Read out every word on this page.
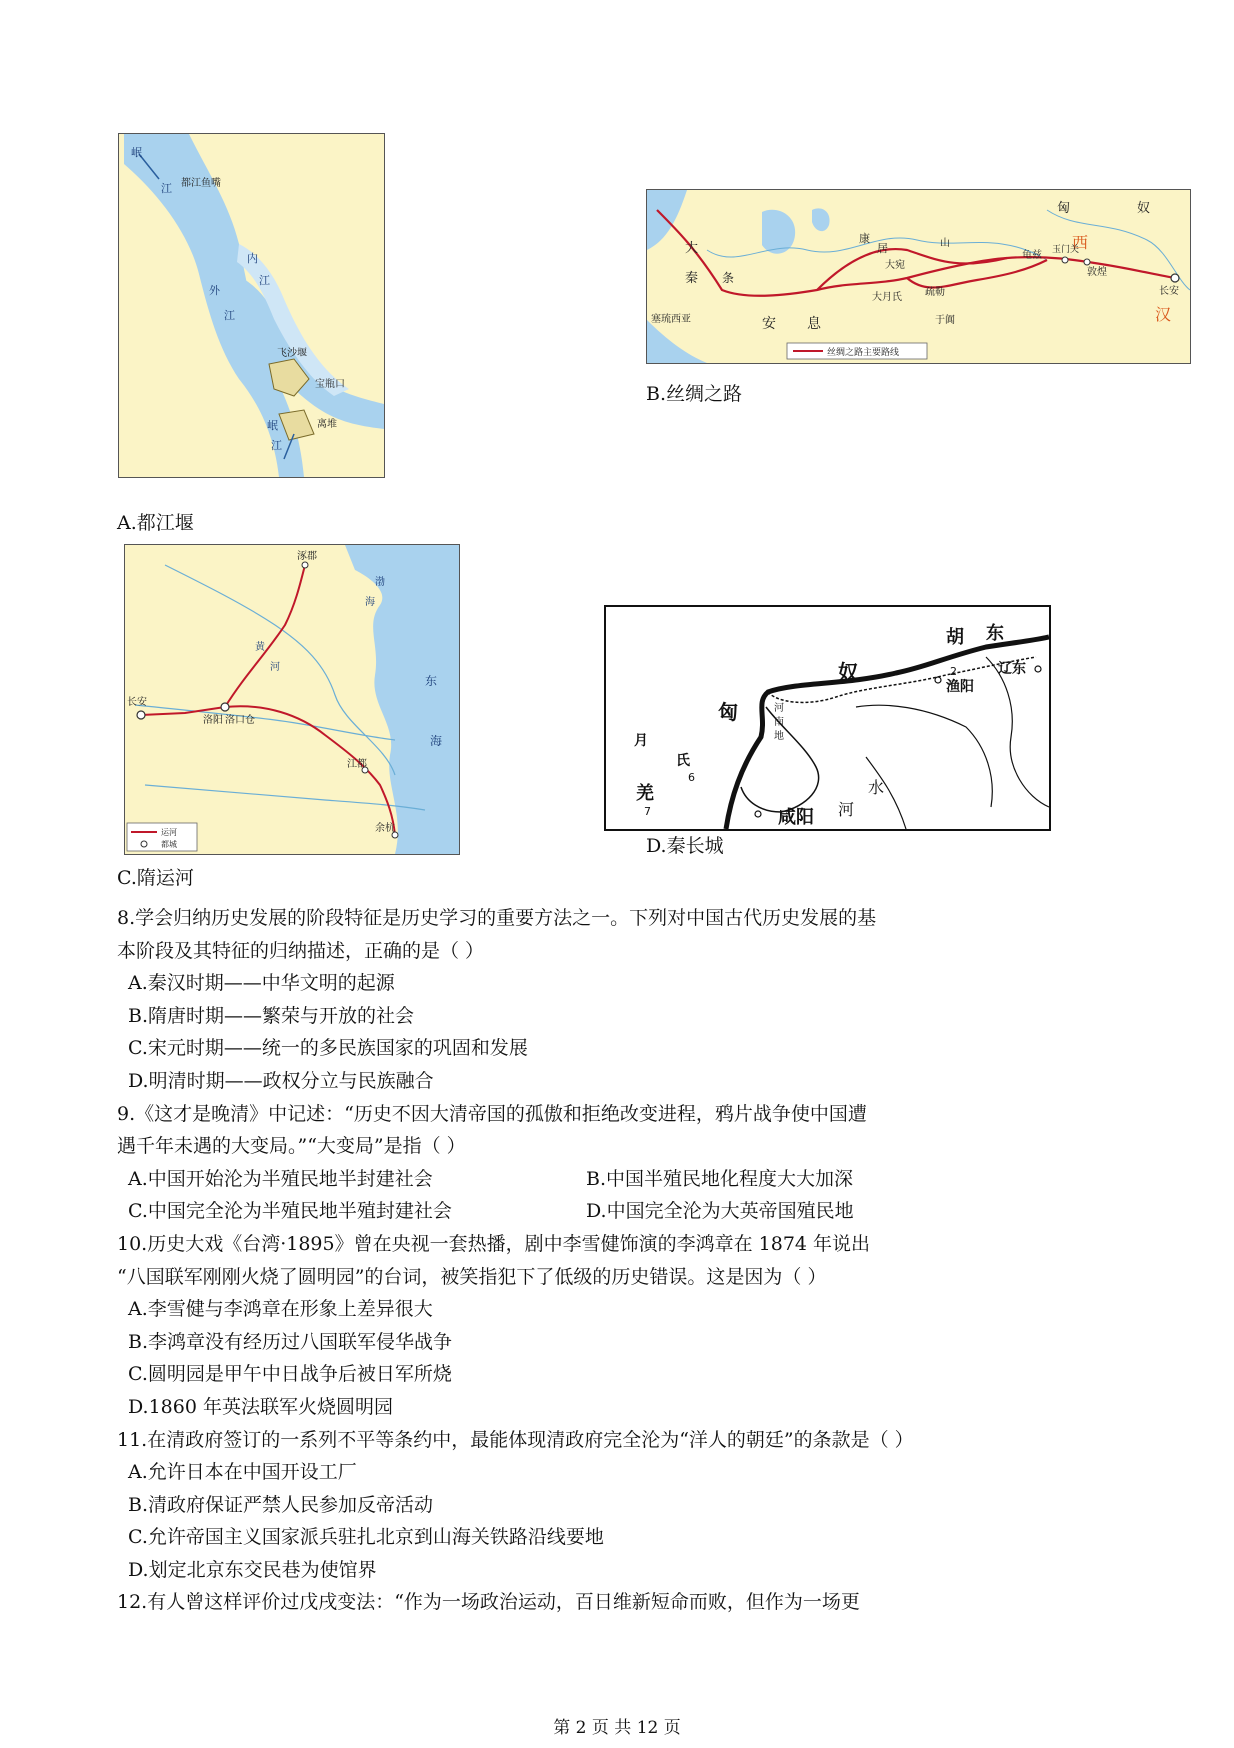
岷
江 都江鱼嘴
内
江
外
江
飞沙堰
宝瓶口
离堆
岷
江
A.都江堰
匈	奴
西
汉
大
秦 条
安 息
康
居
大宛
大月氏 疏勒
于阗
龟兹 玉门关
敦煌
长安
塞琉西亚
山
丝绸之路主要路线
B.丝绸之路
涿郡
长安
洛阳 洛口仓
江都
余杭
渤
海
东
海
黄
河
运河
都城
C.隋运河
胡 东
奴
匈	河
南
地
月
氏
羌
6
7
2
渔阳
辽东
咸阳 河
水
D.秦长城
8.学会归纳历史发展的阶段特征是历史学习的重要方法之一。下列对中国古代历史发展的基
本阶段及其特征的归纳描述，正确的是（ ）
A.秦汉时期——中华文明的起源
B.隋唐时期——繁荣与开放的社会
C.宋元时期——统一的多民族国家的巩固和发展
D.明清时期——政权分立与民族融合
9.《这才是晚清》中记述：“历史不因大清帝国的孤傲和拒绝改变进程，鸦片战争使中国遭
遇千年未遇的大变局。”“大变局”是指（ ）
A.中国开始沦为半殖民地半封建社会	B.中国半殖民地化程度大大加深
C.中国完全沦为半殖民地半殖封建社会	D.中国完全沦为大英帝国殖民地
10.历史大戏《台湾·1895》曾在央视一套热播，剧中李雪健饰演的李鸿章在 1874 年说出
“八国联军刚刚火烧了圆明园”的台词，被笑指犯下了低级的历史错误。这是因为（ ）
A.李雪健与李鸿章在形象上差异很大
B.李鸿章没有经历过八国联军侵华战争
C.圆明园是甲午中日战争后被日军所烧
D.1860 年英法联军火烧圆明园
11.在清政府签订的一系列不平等条约中，最能体现清政府完全沦为“洋人的朝廷”的条款是（ ）
A.允许日本在中国开设工厂
B.清政府保证严禁人民参加反帝活动
C.允许帝国主义国家派兵驻扎北京到山海关铁路沿线要地
D.划定北京东交民巷为使馆界
12.有人曾这样评价过戊戌变法：“作为一场政治运动，百日维新短命而败，但作为一场更
第 2 页 共 12 页
